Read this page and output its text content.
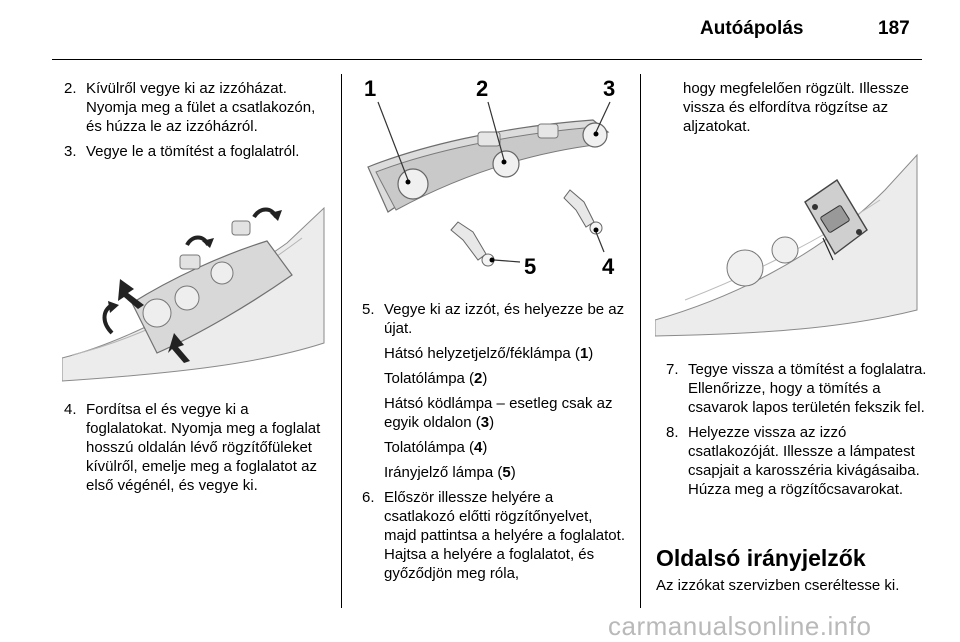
Autóápolás	187

2. Kívülről vegye ki az izzóházat. Nyomja meg a fület a csatlakozón, és húzza le az izzóházról.

3. Vegye le a tömítést a foglalatról.

4. Fordítsa el és vegye ki a foglalatokat. Nyomja meg a foglalat hosszú oldalán lévő rögzítőfüleket kívülről, emelje meg a foglalatot az első végénél, és vegye ki.

1	2	3
4
5

5. Vegye ki az izzót, és helyezze be az újat.

Hátsó helyzetjelző/féklámpa (1)

Tolatólámpa (2)

Hátsó ködlámpa – esetleg csak az egyik oldalon (3)

Tolatólámpa (4)

Irányjelző lámpa (5)

6. Először illessze helyére a csatlakozó előtti rögzítőnyelvet, majd pattintsa a helyére a foglalatot. Hajtsa a helyére a foglalatot, és győződjön meg róla,

hogy megfelelően rögzült. Illessze vissza és elfordítva rögzítse az aljzatokat.

7. Tegye vissza a tömítést a foglalatra. Ellenőrizze, hogy a tömítés a csavarok lapos területén fekszik fel.

8. Helyezze vissza az izzó csatlakozóját. Illessze a lámpatest csapjait a karosszéria kivágásaiba. Húzza meg a rögzítőcsavarokat.

Oldalsó irányjelzők
Az izzókat szervizben cseréltesse ki.
carmanualsonline.info
